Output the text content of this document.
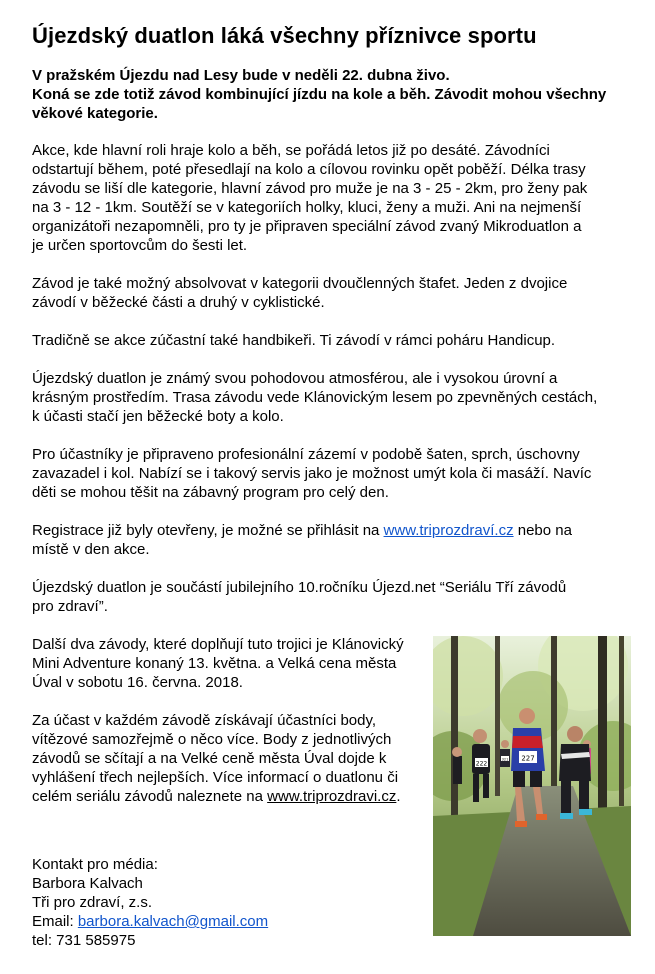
Újezdský duatlon láká všechny příznivce sportu
V pražském Újezdu nad Lesy bude v neděli 22. dubna živo.
Koná se zde totiž závod kombinující jízdu na kole a běh. Závodit mohou všechny věkové kategorie.

Akce, kde hlavní roli hraje kolo a běh, se pořádá letos již po desáté. Závodníci odstartují během, poté přesedlají na kolo a cílovou rovinku opět poběží. Délka trasy závodu se liší dle kategorie, hlavní závod pro muže je na 3 - 25 - 2km, pro ženy pak na 3 - 12 - 1km. Soutěží se v kategoriích holky, kluci, ženy a muži. Ani na nejmenší organizátoři nezapomněli, pro ty je připraven speciální závod zvaný Mikroduatlon a je určen sportovcům do šesti let.

Závod je také možný absolvovat v kategorii dvoučlenných štafet. Jeden z dvojice závodí v běžecké části a druhý v cyklistické.

Tradičně se akce zúčastní také handbikeři. Ti závodí v rámci poháru Handicup.

Újezdský duatlon je známý svou pohodovou atmosférou, ale i vysokou úrovní a krásným prostředím. Trasa závodu vede Klánovickým lesem po zpevněných cestách, k účasti stačí jen běžecké boty a kolo.

Pro účastníky je připraveno profesionální zázemí v podobě šaten, sprch, úschovny zavazadel i kol. Nabízí se i takový servis jako je možnost umýt kola či masáží. Navíc děti se mohou těšit na zábavný program pro celý den.

Registrace již byly otevřeny, je možné se přihlásit na www.triprozdraví.cz nebo na místě v den akce.

Újezdský duatlon je součástí jubilejního 10.ročníku Újezd.net “Seriálu Tří závodů pro zdraví”.

Další dva závody, které doplňují tuto trojici je Klánovický Mini Adventure konaný 13. května. a Velká cena města Úval v sobotu 16. června. 2018.

Za účast v každém závodě získávají účastníci body, vítězové samozřejmě o něco více. Body z jednotlivých závodů se sčítají a na Velké ceně města Úval dojde k vyhlášení třech nejlepších. Více informací o duatlonu či celém seriálu závodů naleznete na www.triprozdravi.cz.

Kontakt pro média:

Barbora Kalvach

Tři pro zdraví, z.s.

Email: barbora.kalvach@gmail.com

tel: 731 585975

222
227
321
